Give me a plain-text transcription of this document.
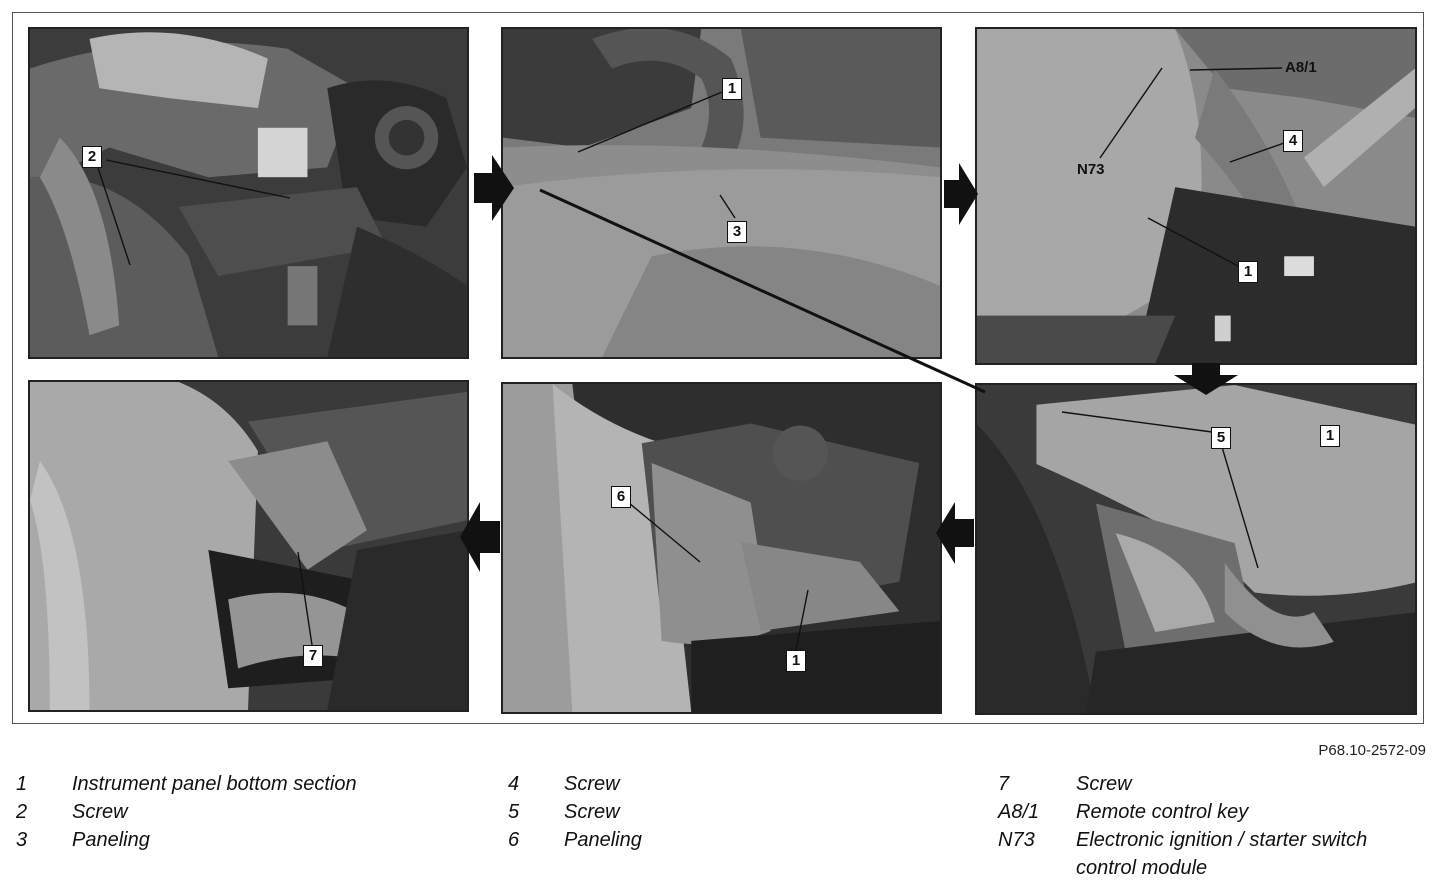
2
1
3
A8/1
N73
4
1
5	1
6
1
7
P68.10-2572-09
1	Instrument panel bottom section
2	Screw
3	Paneling
4	Screw
5	Screw
6	Paneling
7	Screw
A8/1	Remote control key
N73	Electronic ignition / starter switch control module
